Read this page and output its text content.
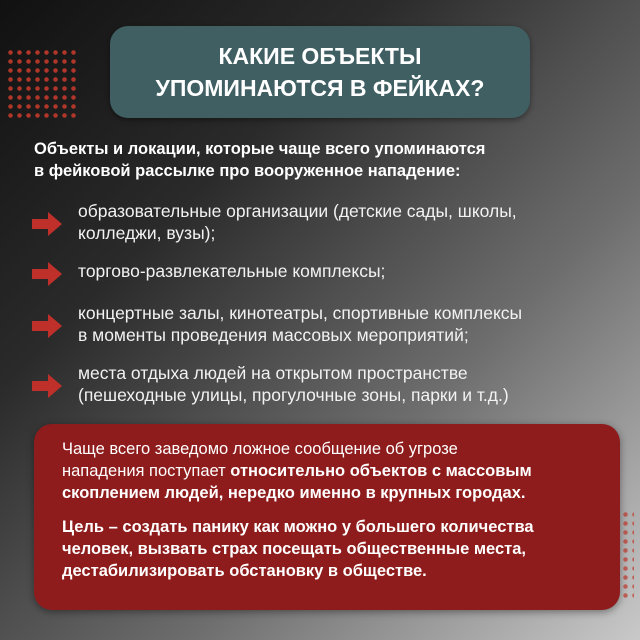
КАКИЕ ОБЪЕКТЫ
УПОМИНАЮТСЯ В ФЕЙКАХ?
Объекты и локации, которые чаще всего упоминаются
в фейковой рассылке про вооруженное нападение:
образовательные организации (детские сады, школы,
колледжи, вузы);
торгово-развлекательные комплексы;
концертные залы, кинотеатры, спортивные комплексы
в моменты проведения массовых мероприятий;
места отдыха людей на открытом пространстве
(пешеходные улицы, прогулочные зоны, парки и т.д.)

Чаще всего заведомо ложное сообщение об угрозе
нападения поступает относительно объектов с массовым
скоплением людей, нередко именно в крупных городах.

Цель – создать панику как можно у большего количества
человек, вызвать страх посещать общественные места,
дестабилизировать обстановку в обществе.
